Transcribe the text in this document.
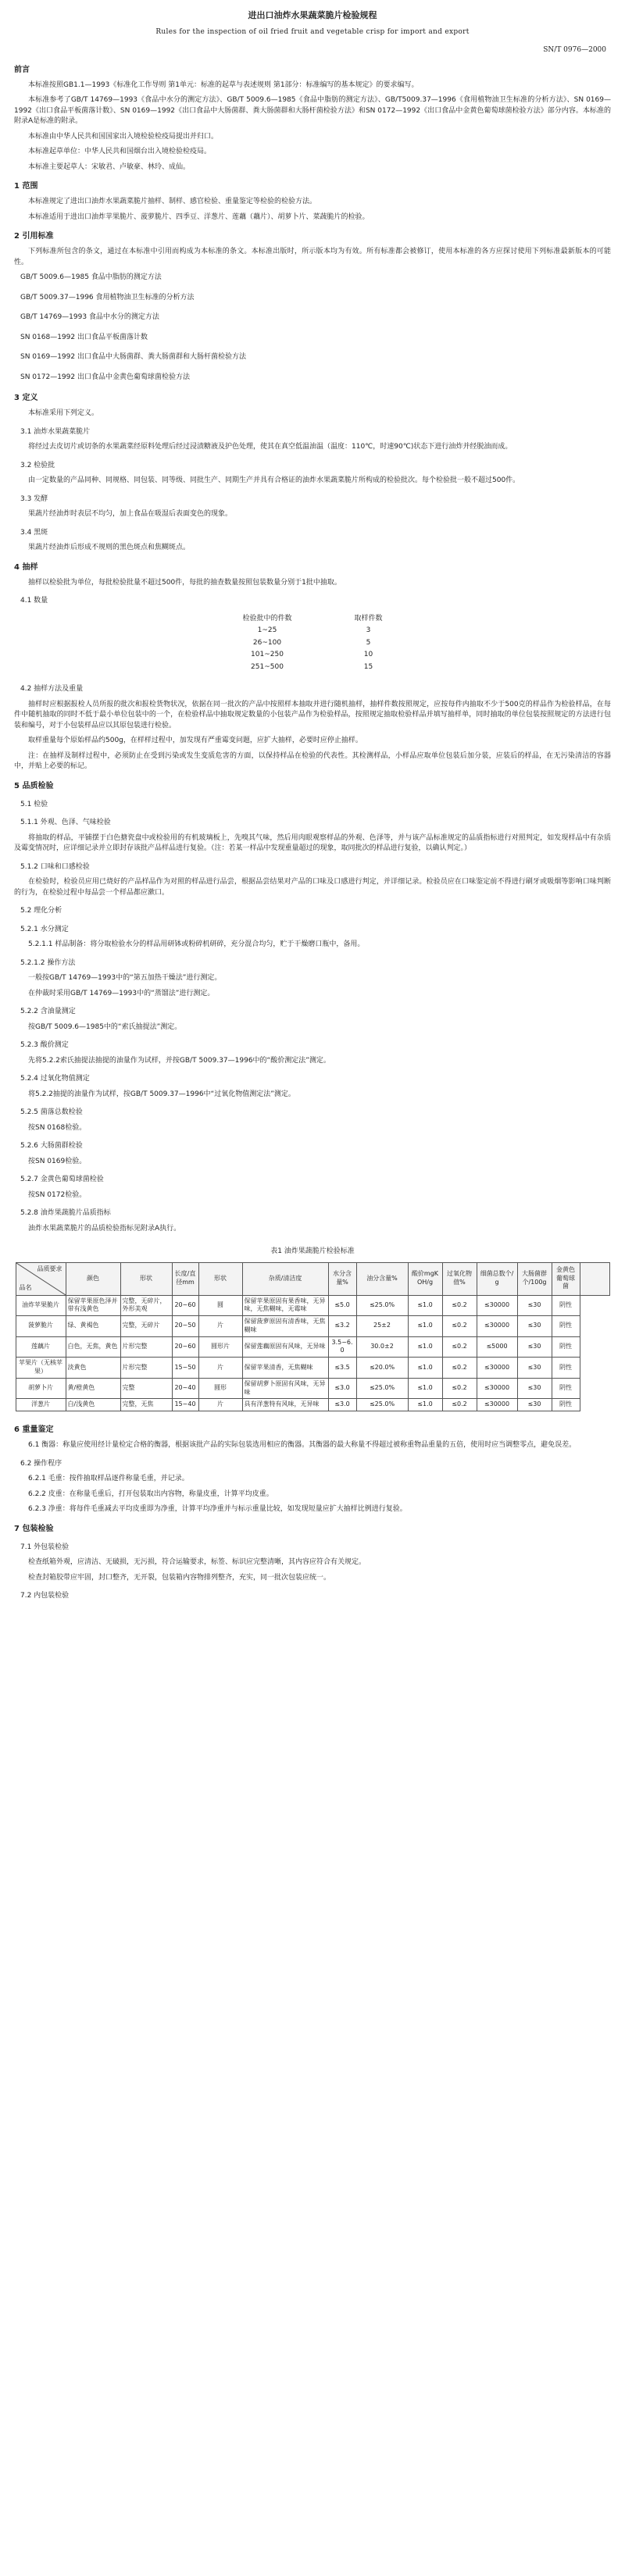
进出口油炸水果蔬菜脆片检验规程
Rules for the inspection of oil fried fruit and vegetable crisp for import and export
SN/T 0976—2000
前言

本标准按照GB1.1—1993《标准化工作导则 第1单元：标准的起草与表述规则 第1部分：标准编写的基本规定》的要求编写。

本标准参考了GB/T 14769—1993《食品中水分的测定方法》、GB/T 5009.6—1985《食品中脂肪的测定方法》、GB/T5009.37—1996《食用植物油卫生标准的分析方法》、SN 0169—1992《出口食品平板菌落计数》、SN 0169—1992《出口食品中大肠菌群、粪大肠菌群和大肠杆菌检验方法》和SN 0172—1992《出口食品中金黄色葡萄球菌检验方法》部分内容。本标准的附录A是标准的附录。

本标准由中华人民共和国国家出入境检验检疫局提出并归口。

本标准起草单位：中华人民共和国烟台出入境检验检疫局。

本标准主要起草人：宋敏君、卢敏豪、林玲、成仙。

1 范围

本标准规定了进出口油炸水果蔬菜脆片抽样、制样、感官检验、重量鉴定等检验的检验方法。

本标准适用于进出口油炸苹果脆片、菠萝脆片、四季豆、洋葱片、莲藕（藕片）、胡萝卜片、菜蔬脆片的检验。

2 引用标准

下列标准所包含的条文，通过在本标准中引用而构成为本标准的条文。本标准出版时，所示版本均为有效。所有标准都会被修订，使用本标准的各方应探讨使用下列标准最新版本的可能性。

GB/T 5009.6—1985 食品中脂肪的测定方法

GB/T 5009.37—1996 食用植物油卫生标准的分析方法

GB/T 14769—1993 食品中水分的测定方法

SN 0168—1992 出口食品平板菌落计数

SN 0169—1992 出口食品中大肠菌群、粪大肠菌群和大肠杆菌检验方法

SN 0172—1992 出口食品中金黄色葡萄球菌检验方法

3 定义

本标准采用下列定义。

3.1 油炸水果蔬菜脆片

将经过去皮切片或切条的水果蔬菜经原料处理后经过浸渍糖液及护色处理，使其在真空低温油温（温度：110℃，时速90℃)状态下进行油炸并经脱油而成。

3.2 检验批

由一定数量的产品同种、同规格、同包装、同等级、同批生产、同期生产并具有合格证的油炸水果蔬菜脆片所构成的检验批次。每个检验批一般不超过500件。

3.3 发酵

果蔬片经油炸时表层不均匀，加上食品在吸湿后表面变色的现象。

3.4 黑斑

果蔬片经油炸后形成不规则的黑色斑点和焦糊斑点。

4 抽样

抽样以检验批为单位，每批检验批量不超过500件，每批的抽查数量按照包装数量分别于1批中抽取。

4.1 数量
检验批中的件数	取样件数
1~25	3
26~100	5
101~250	10
251~500	15
4.2 抽样方法及重量

抽样时应根据报检人员所报的批次和报检货物状况，依据在同一批次的产品中按照样本抽取并进行随机抽样，抽样件数按照规定，应按每件内抽取不少于500克的样品作为检验样品，在每件中随机抽取的同时不低于最小单位包装中的一个，在检验样品中抽取规定数量的小包装产品作为检验样品，按照规定抽取检验样品并填写抽样单，同时抽取的单位包装按照规定的方法进行包装和编号，对于小包装样品应以其原包装进行检验。

取样重量每个原始样品约500g，在样样过程中，加发现有严重霉变问题，应扩大抽样，必要时应停止抽样。

注：在抽样及制样过程中，必须防止在受到污染或发生变质危害的方面，以保持样品在检验的代表性。其检测样品，小样品应取单位包装后加分装，应装后的样品，在无污染清洁的容器中，并贴上必要的标记。

5 品质检验
5.1 检验
5.1.1 外观、色泽、气味检验

将抽取的样品，平铺摆于白色搪瓷盘中或检验用的有机玻璃板上，先嗅其气味，然后用肉眼观察样品的外观、色泽等，并与该产品标准规定的品质指标进行对照判定，如发现样品中有杂质及霉变情况时，应详细记录并立即封存该批产品样品进行复验。（注：若某一样品中发现重量超过的现象，取同批次的样品进行复验，以确认判定。）

5.1.2 口味和口感检验

在检验时，检验员应用已烧好的产品样品作为对照的样品进行品尝，根据品尝结果对产品的口味及口感进行判定，并详细记录。检验员应在口味鉴定前不得进行刷牙或吸烟等影响口味判断的行为，在检验过程中每品尝一个样品都应漱口。

5.2 理化分析
5.2.1 水分测定

5.2.1.1 样品制备：将分取检验水分的样品用研钵或粉碎机研碎，充分混合均匀，贮于干燥磨口瓶中，备用。

5.2.1.2 操作方法

一般按GB/T 14769—1993中的“第五加热干燥法”进行测定。

在仲裁时采用GB/T 14769—1993中的“蒸馏法”进行测定。

5.2.2 含油量测定

按GB/T 5009.6—1985中的“索氏抽提法”测定。

5.2.3 酸价测定

先将5.2.2索氏抽提法抽提的油量作为试样，并按GB/T 5009.37—1996中的“酸价测定法”测定。

5.2.4 过氧化物值测定

将5.2.2抽提的油量作为试样，按GB/T 5009.37—1996中“过氧化物值测定法”测定。

5.2.5 菌落总数检验

按SN 0168检验。

5.2.6 大肠菌群检验

按SN 0169检验。

5.2.7 金黄色葡萄球菌检验

按SN 0172检验。

5.2.8 油炸果蔬脆片品质指标

油炸水果蔬菜脆片的品质检验指标见附录A执行。

表1 油炸果蔬脆片检验标准
品质要求
品名	颜色	形状	长度/直径mm	形状	杂质/清洁度	水分含量%	油分含量%	酸价mgKOH/g	过氧化物值%	细菌总数个/g	大肠菌群个/100g	金黄色葡萄球菌	
油炸苹果脆片	保留苹果原色泽并带有浅黄色	完整，无碎片，外形美观	20~60	圆	保留苹果原固有果香味，无异味，无焦糊味，无霉味	≤5.0	≤25.0%	≤1.0	≤0.2	≤30000	≤30	阴性	
菠萝脆片	绿、黄褐色	完整，无碎片	20~50	片	保留菠萝原固有清香味，无焦糊味	≤3.2	25±2	≤1.0	≤0.2	≤30000	≤30	阴性	
莲藕片	白色，无焦，黄色	片形完整	20~60	圆形片	保留莲藕原固有风味，无异味	3.5~6.0	30.0±2	≤1.0	≤0.2	≤5000	≤30	阴性	
苹果片（无核苹果）	淡黄色	片形完整	15~50	片	保留苹果清香，无焦糊味	≤3.5	≤20.0%	≤1.0	≤0.2	≤30000	≤30	阴性	
胡萝卜片	黄/橙黄色	完整	20~40	圆形	保留胡萝卜原固有风味，无异味	≤3.0	≤25.0%	≤1.0	≤0.2	≤30000	≤30	阴性	
洋葱片	白/浅黄色	完整，无焦	15~40	片	具有洋葱特有风味，无异味	≤3.0	≤25.0%	≤1.0	≤0.2	≤30000	≤30	阴性	
6 重量鉴定

6.1 衡器：称量应使用经计量检定合格的衡器，根据该批产品的实际包装选用相应的衡器。其衡器的最大称量不得超过被称重物品重量的五倍，使用时应当调整零点，避免误差。

6.2 操作程序

6.2.1 毛重：按件抽取样品逐件称量毛重，并记录。

6.2.2 皮重：在称量毛重后，打开包装取出内容物，称量皮重，计算平均皮重。

6.2.3 净重：将每件毛重减去平均皮重即为净重，计算平均净重并与标示重量比较，如发现短量应扩大抽样比例进行复验。

7 包装检验
7.1 外包装检验

检查纸箱外观，应清洁、无破损，无污损，符合运输要求，标签、标识应完整清晰，其内容应符合有关规定。

检查封箱胶带应牢固，封口整齐，无开裂，包装箱内容物排列整齐，充实，同一批次包装应统一。

7.2 内包装检验
